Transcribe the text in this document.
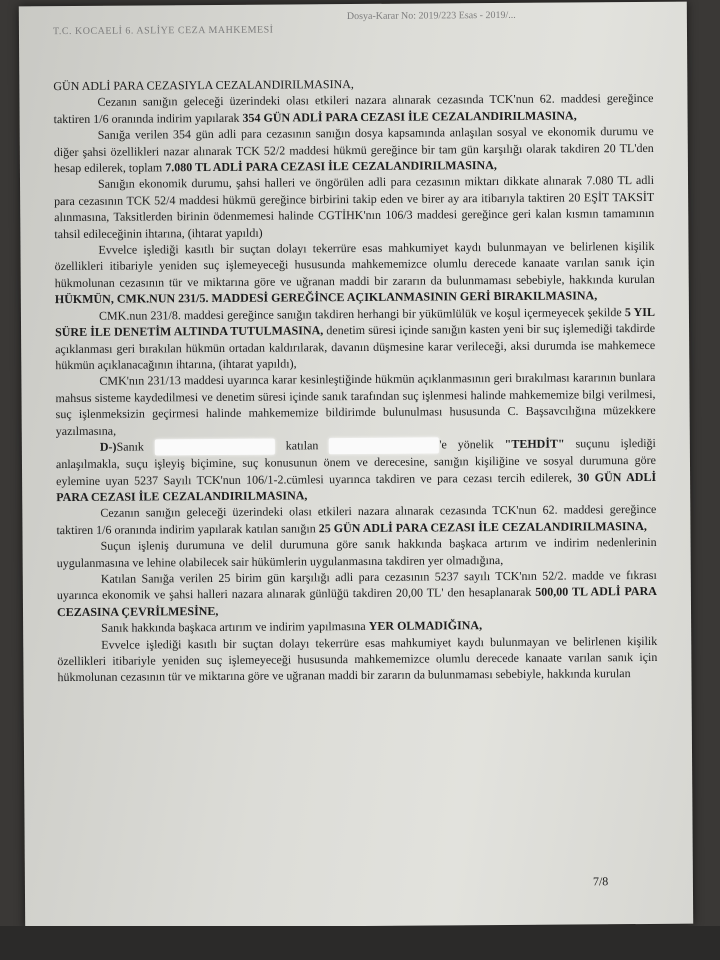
T.C. KOCAELİ 6. ASLİYE CEZA MAHKEMESİ
Dosya-Karar No: 2019/223 Esas - 2019/...

GÜN ADLİ PARA CEZASIYLA CEZALANDIRILMASINA,

Cezanın sanığın geleceği üzerindeki olası etkileri nazara alınarak cezasında TCK'nun 62. maddesi gereğince taktiren 1/6 oranında indirim yapılarak 354 GÜN ADLİ PARA CEZASI İLE CEZALANDIRILMASINA,

Sanığa verilen 354 gün adli para cezasının sanığın dosya kapsamında anlaşılan sosyal ve ekonomik durumu ve diğer şahsi özellikleri nazar alınarak TCK 52/2 maddesi hükmü gereğince bir tam gün karşılığı olarak takdiren 20 TL'den hesap edilerek, toplam 7.080 TL ADLİ PARA CEZASI İLE CEZALANDIRILMASINA,

Sanığın ekonomik durumu, şahsi halleri ve öngörülen adli para cezasının miktarı dikkate alınarak 7.080 TL adli para cezasının TCK 52/4 maddesi hükmü gereğince birbirini takip eden ve birer ay ara itibarıyla taktiren 20 EŞİT TAKSİT alınmasına, Taksitlerden birinin ödenmemesi halinde CGTİHK'nın 106/3 maddesi gereğince geri kalan kısmın tamamının tahsil edileceğinin ihtarına, (ihtarat yapıldı)

Evvelce işlediği kasıtlı bir suçtan dolayı tekerrüre esas mahkumiyet kaydı bulunmayan ve belirlenen kişilik özellikleri itibariyle yeniden suç işlemeyeceği hususunda mahkememizce olumlu derecede kanaate varılan sanık için hükmolunan cezasının tür ve miktarına göre ve uğranan maddi bir zararın da bulunmaması sebebiyle, hakkında kurulan HÜKMÜN, CMK.NUN 231/5. MADDESİ GEREĞİNCE AÇIKLANMASININ GERİ BIRAKILMASINA,

CMK.nun 231/8. maddesi gereğince sanığın takdiren herhangi bir yükümlülük ve koşul içermeyecek şekilde 5 YIL SÜRE İLE DENETİM ALTINDA TUTULMASINA, denetim süresi içinde sanığın kasten yeni bir suç işlemediği takdirde açıklanması geri bırakılan hükmün ortadan kaldırılarak, davanın düşmesine karar verileceği, aksi durumda ise mahkemece hükmün açıklanacağının ihtarına, (ihtarat yapıldı),

CMK'nın 231/13 maddesi uyarınca karar kesinleştiğinde hükmün açıklanmasının geri bırakılması kararının bunlara mahsus sisteme kaydedilmesi ve denetim süresi içinde sanık tarafından suç işlenmesi halinde mahkememize bilgi verilmesi, suç işlenmeksizin geçirmesi halinde mahkememize bildirimde bulunulması hususunda C. Başsavcılığına müzekkere yazılmasına,

D-)Sanık	katılan	'e yönelik "TEHDİT" suçunu işlediği anlaşılmakla, suçu işleyiş biçimine, suç konusunun önem ve derecesine, sanığın kişiliğine ve sosyal durumuna göre eylemine uyan 5237 Sayılı TCK'nun 106/1-2.cümlesi uyarınca takdiren ve para cezası tercih edilerek, 30 GÜN ADLİ PARA CEZASI İLE CEZALANDIRILMASINA,

Cezanın sanığın geleceği üzerindeki olası etkileri nazara alınarak cezasında TCK'nun 62. maddesi gereğince taktiren 1/6 oranında indirim yapılarak katılan sanığın 25 GÜN ADLİ PARA CEZASI İLE CEZALANDIRILMASINA,

Suçun işleniş durumuna ve delil durumuna göre sanık hakkında başkaca artırım ve indirim nedenlerinin uygulanmasına ve lehine olabilecek sair hükümlerin uygulanmasına takdiren yer olmadığına,

Katılan Sanığa verilen 25 birim gün karşılığı adli para cezasının 5237 sayılı TCK'nın 52/2. madde ve fıkrası uyarınca ekonomik ve şahsi halleri nazara alınarak günlüğü takdiren 20,00 TL' den hesaplanarak 500,00 TL ADLİ PARA CEZASINA ÇEVRİLMESİNE,

Sanık hakkında başkaca artırım ve indirim yapılmasına YER OLMADIĞINA,

Evvelce işlediği kasıtlı bir suçtan dolayı tekerrüre esas mahkumiyet kaydı bulunmayan ve belirlenen kişilik özellikleri itibariyle yeniden suç işlemeyeceği hususunda mahkememizce olumlu derecede kanaate varılan sanık için hükmolunan cezasının tür ve miktarına göre ve uğranan maddi bir zararın da bulunmaması sebebiyle, hakkında kurulan

7/8
